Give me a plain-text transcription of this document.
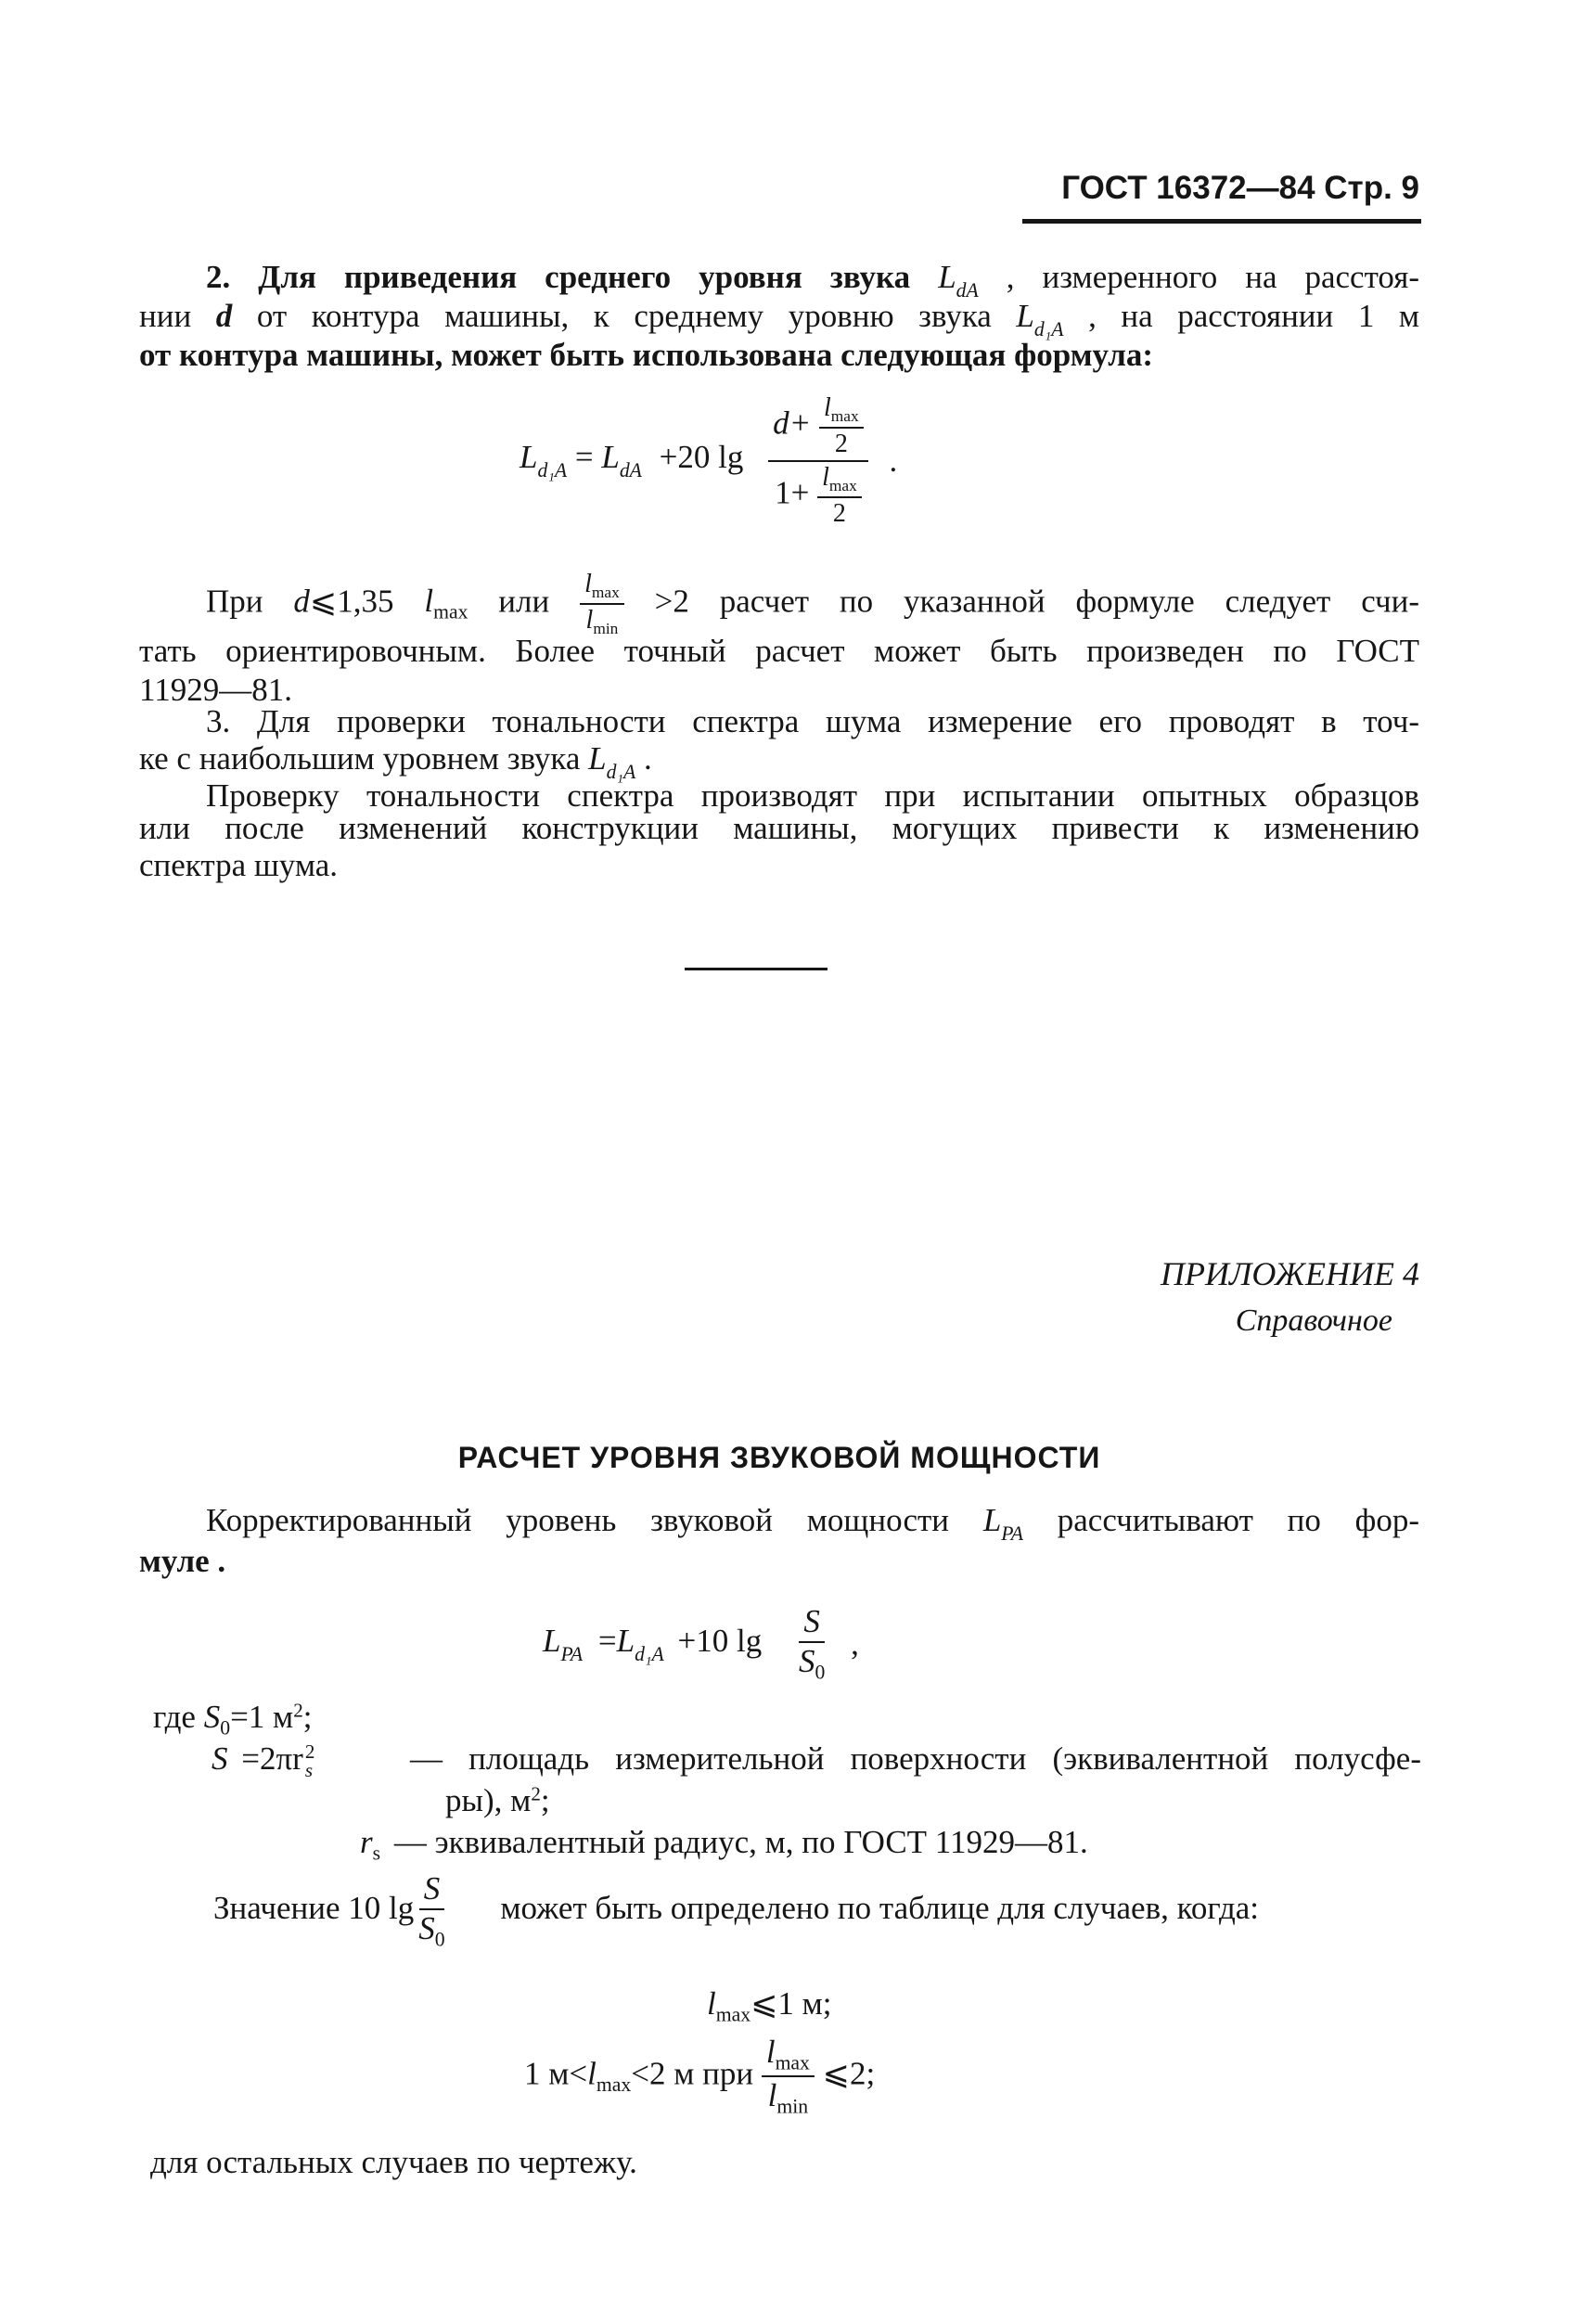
ГОСТ 16372—84 Стр. 9
2. Для приведения среднего уровня звука $L_{dA}$ , измеренного на расстоя-
нии d от контура машины, к среднему уровню звука $L_{d_1A}$ , на расстоянии 1 м
от контура машины, может быть использована следующая формула:
$L_{d_1A} = L_{dA} +20$ $\lg \frac{d+ \frac{l_{max}}{2}}{1+ \frac{l_{max}}{2}}$ .
При d⩽1,35 $l_{max}$ или $\frac{l_{max}}{l_{min}} >2$ расчет по указанной формуле следует счи-
тать ориентировочным. Более точный расчет может быть произведен по ГОСТ
11929—81.
3. Для проверки тональности спектра шума измерение его проводят в точ-
ке с наибольшим уровнем звука $L_{d_1A}$ .
Проверку тональности спектра производят при испытании опытных образцов
или после изменений конструкции машины, могущих привести к изменению
спектра шума.
ПРИЛОЖЕНИЕ 4
Справочное
РАСЧЕТ УРОВНЯ ЗВУКОВОЙ МОЩНОСТИ
Корректированный уровень звуковой мощности $L_{PA}$ рассчитывают по фор-
муле .
$L_{PA} =L_{d_1A} +10$ $\lg \frac{S}{S_0}$ ,
где $S_0=1$ $м^2$;
S =2πr 2
s	— площадь измерительной поверхности (эквивалентной полусфе-
ры), $м^2$;
$r_s$ — эквивалентный радиус, м, по ГОСТ 11929—81.
Значение 10 $\lg \frac{S}{S_0}$ может быть определено по таблице для случаев, когда:
$l_{max}⩽1$ м;
1 $м<l_{max}<2$ м при $\frac{l_{max}}{l_{min}}$ ⩽2;
для остальных случаев по чертежу.
